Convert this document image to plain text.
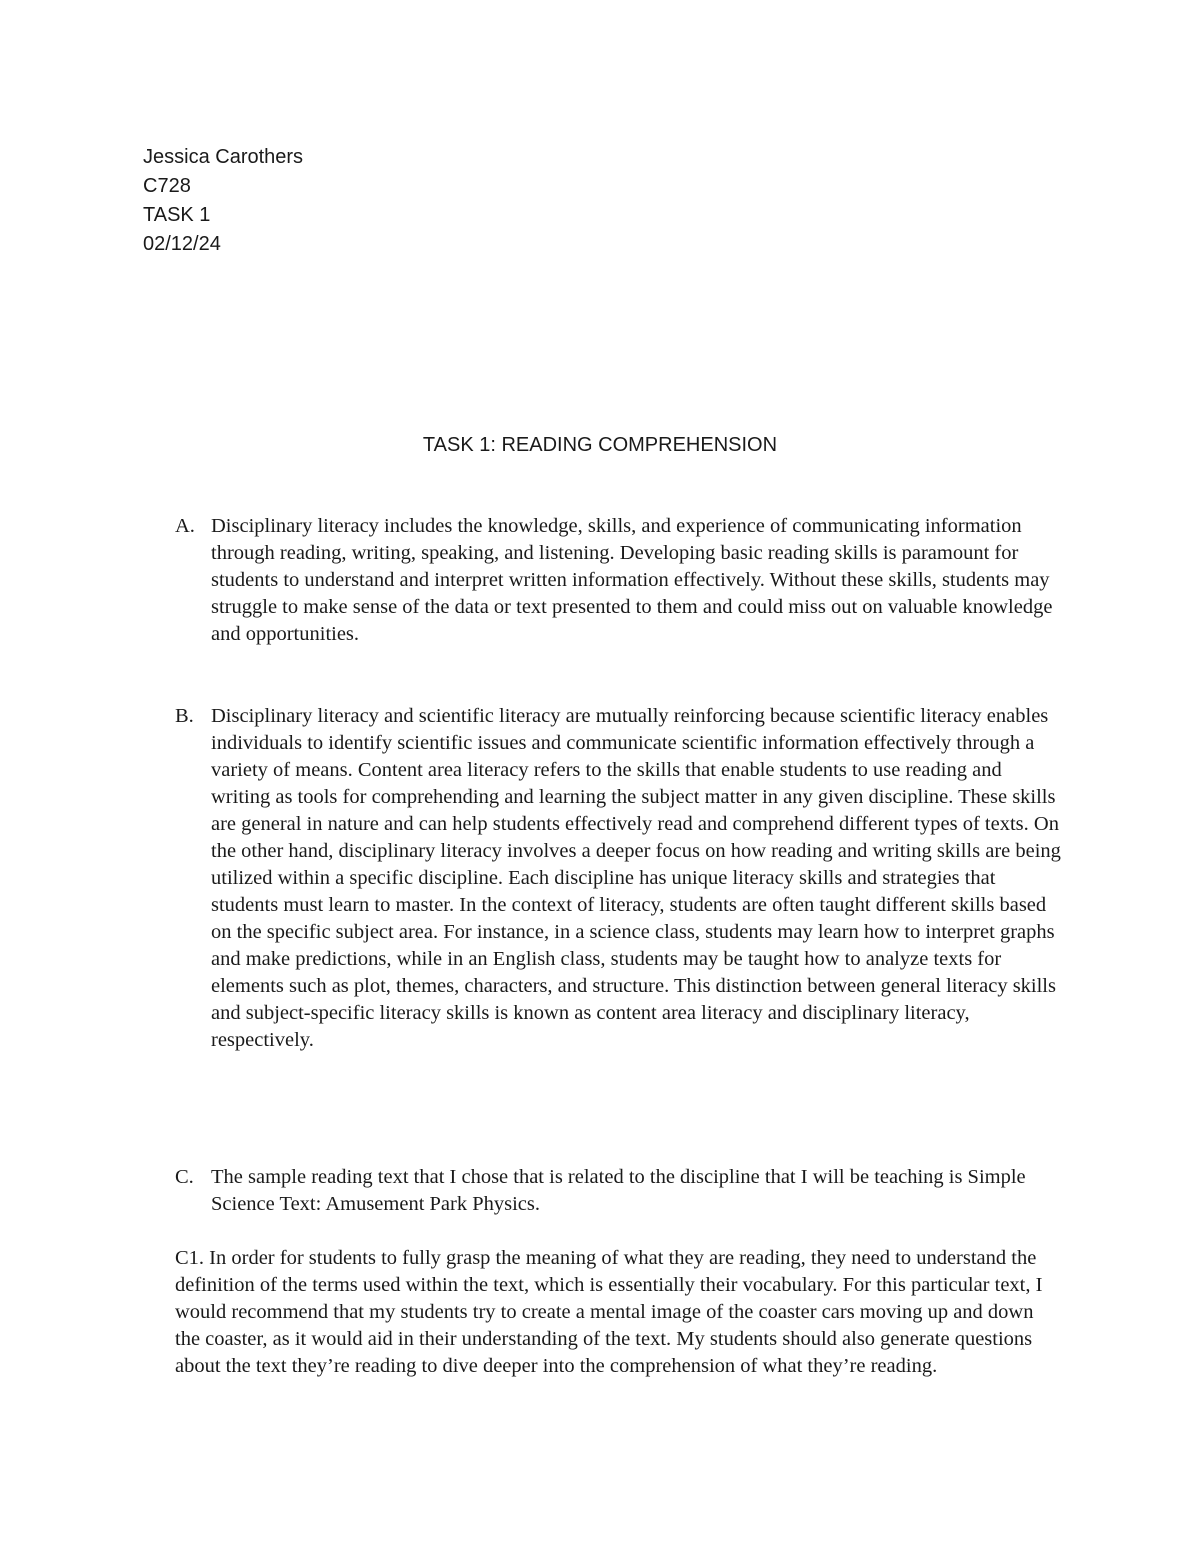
Jessica Carothers
C728
TASK 1
02/12/24
TASK 1: READING COMPREHENSION
A. Disciplinary literacy includes the knowledge, skills, and experience of communicating information through reading, writing, speaking, and listening. Developing basic reading skills is paramount for students to understand and interpret written information effectively. Without these skills, students may struggle to make sense of the data or text presented to them and could miss out on valuable knowledge and opportunities.
B. Disciplinary literacy and scientific literacy are mutually reinforcing because scientific literacy enables individuals to identify scientific issues and communicate scientific information effectively through a variety of means. Content area literacy refers to the skills that enable students to use reading and writing as tools for comprehending and learning the subject matter in any given discipline. These skills are general in nature and can help students effectively read and comprehend different types of texts. On the other hand, disciplinary literacy involves a deeper focus on how reading and writing skills are being utilized within a specific discipline. Each discipline has unique literacy skills and strategies that students must learn to master. In the context of literacy, students are often taught different skills based on the specific subject area. For instance, in a science class, students may learn how to interpret graphs and make predictions, while in an English class, students may be taught how to analyze texts for elements such as plot, themes, characters, and structure. This distinction between general literacy skills and subject-specific literacy skills is known as content area literacy and disciplinary literacy, respectively.
C. The sample reading text that I chose that is related to the discipline that I will be teaching is Simple Science Text: Amusement Park Physics.
C1. In order for students to fully grasp the meaning of what they are reading, they need to understand the definition of the terms used within the text, which is essentially their vocabulary. For this particular text, I would recommend that my students try to create a mental image of the coaster cars moving up and down the coaster, as it would aid in their understanding of the text. My students should also generate questions about the text they’re reading to dive deeper into the comprehension of what they’re reading.
